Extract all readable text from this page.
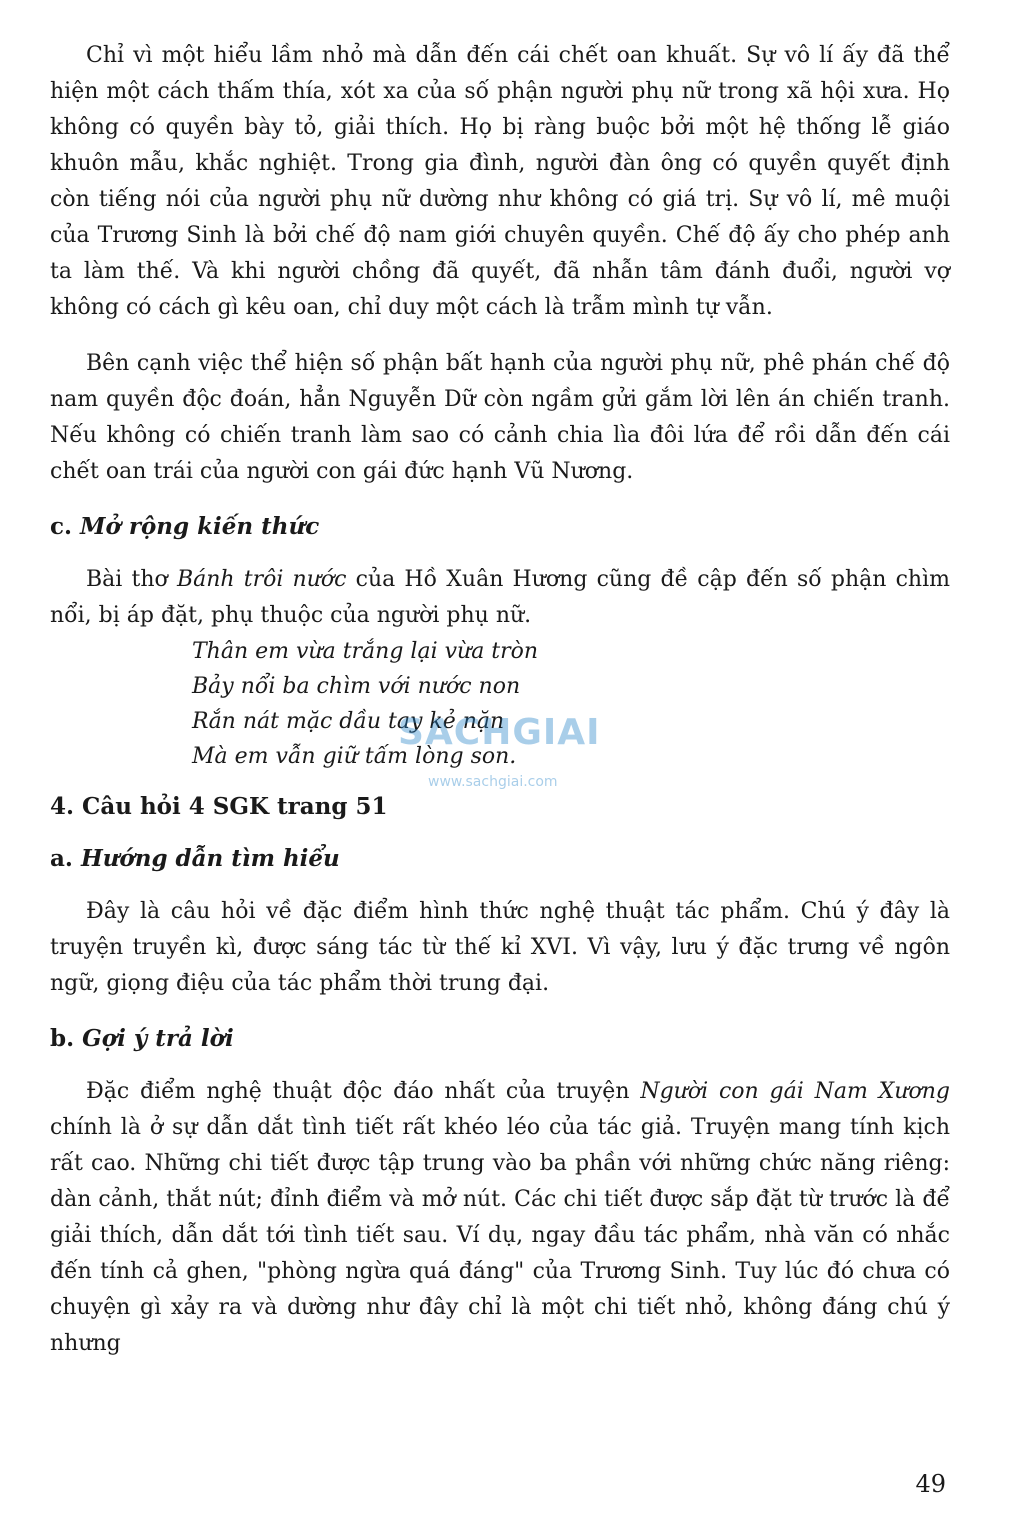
Chỉ vì một hiểu lầm nhỏ mà dẫn đến cái chết oan khuất. Sự vô lí ấy đã thể hiện một cách thấm thía, xót xa của số phận người phụ nữ trong xã hội xưa. Họ không có quyền bày tỏ, giải thích. Họ bị ràng buộc bởi một hệ thống lễ giáo khuôn mẫu, khắc nghiệt. Trong gia đình, người đàn ông có quyền quyết định còn tiếng nói của người phụ nữ dường như không có giá trị. Sự vô lí, mê muội của Trương Sinh là bởi chế độ nam giới chuyên quyền. Chế độ ấy cho phép anh ta làm thế. Và khi người chồng đã quyết, đã nhẫn tâm đánh đuổi, người vợ không có cách gì kêu oan, chỉ duy một cách là trẫm mình tự vẫn.

Bên cạnh việc thể hiện số phận bất hạnh của người phụ nữ, phê phán chế độ nam quyền độc đoán, hẳn Nguyễn Dữ còn ngầm gửi gắm lời lên án chiến tranh. Nếu không có chiến tranh làm sao có cảnh chia lìa đôi lứa để rồi dẫn đến cái chết oan trái của người con gái đức hạnh Vũ Nương.

c. Mở rộng kiến thức

Bài thơ Bánh trôi nước của Hồ Xuân Hương cũng đề cập đến số phận chìm nổi, bị áp đặt, phụ thuộc của người phụ nữ.

Thân em vừa trắng lại vừa tròn
Bảy nổi ba chìm với nước non
Rắn nát mặc dầu tay kẻ nặn
Mà em vẫn giữ tấm lòng son.
4. Câu hỏi 4 SGK trang 51
a. Hướng dẫn tìm hiểu

Đây là câu hỏi về đặc điểm hình thức nghệ thuật tác phẩm. Chú ý đây là truyện truyền kì, được sáng tác từ thế kỉ XVI. Vì vậy, lưu ý đặc trưng về ngôn ngữ, giọng điệu của tác phẩm thời trung đại.

b. Gợi ý trả lời

Đặc điểm nghệ thuật độc đáo nhất của truyện Người con gái Nam Xương chính là ở sự dẫn dắt tình tiết rất khéo léo của tác giả. Truyện mang tính kịch rất cao. Những chi tiết được tập trung vào ba phần với những chức năng riêng: dàn cảnh, thắt nút; đỉnh điểm và mở nút. Các chi tiết được sắp đặt từ trước là để giải thích, dẫn dắt tới tình tiết sau. Ví dụ, ngay đầu tác phẩm, nhà văn có nhắc đến tính cả ghen, "phòng ngừa quá đáng" của Trương Sinh. Tuy lúc đó chưa có chuyện gì xảy ra và dường như đây chỉ là một chi tiết nhỏ, không đáng chú ý nhưng

SACHGIAI
www.sachgiai.com
49
